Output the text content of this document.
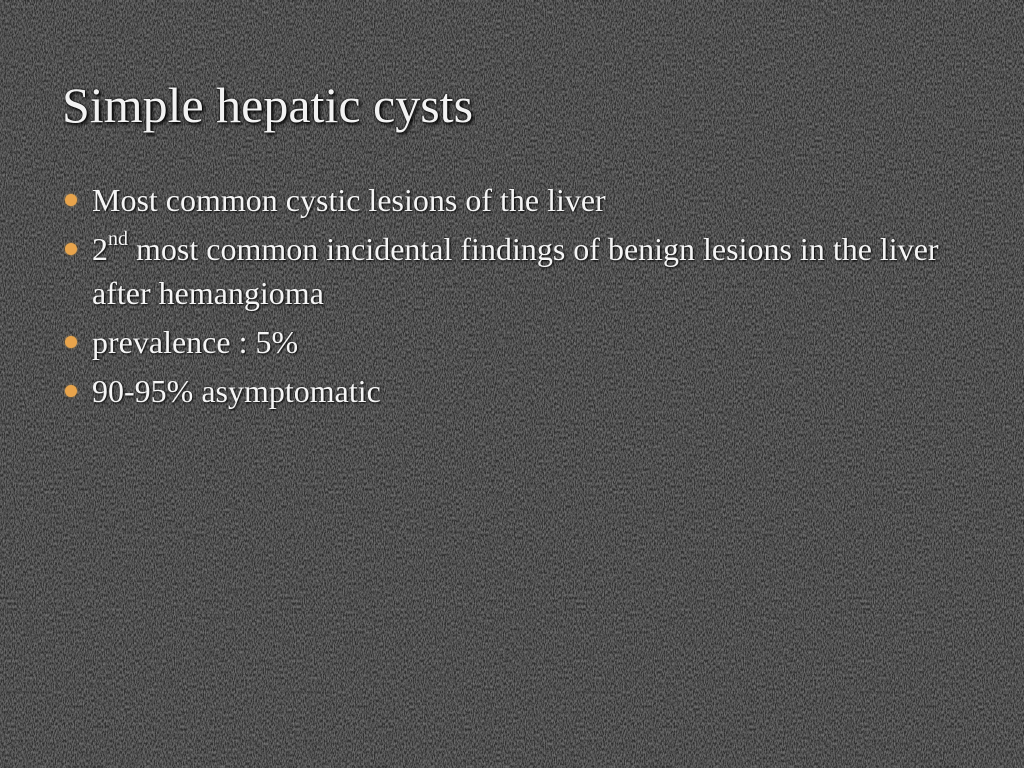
Simple hepatic cysts
Most common cystic lesions of the liver
2nd most common incidental findings of benign lesions in the liver after hemangioma
prevalence : 5%
90-95% asymptomatic
